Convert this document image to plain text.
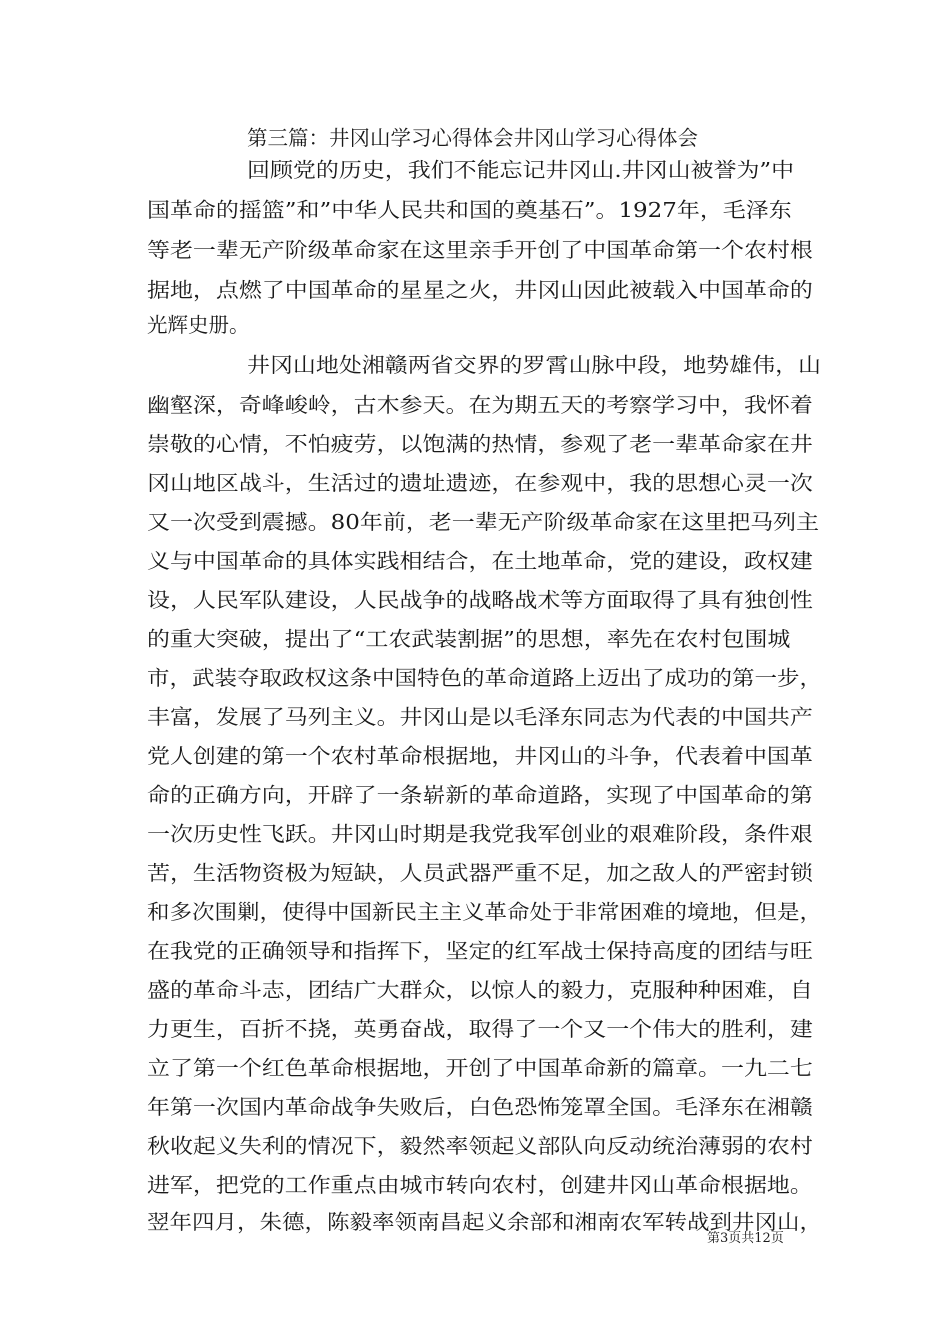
第三篇：井冈山学习心得体会井冈山学习心得体会
回顾党的历史，我们不能忘记井冈山.井冈山被誉为”中
国革命的摇篮”和”中华人民共和国的奠基石”。1927年，毛泽东
等老一辈无产阶级革命家在这里亲手开创了中国革命第一个农村根
据地，点燃了中国革命的星星之火，井冈山因此被载入中国革命的
光辉史册。
井冈山地处湘赣两省交界的罗霄山脉中段，地势雄伟，山
幽壑深，奇峰峻岭，古木参天。在为期五天的考察学习中，我怀着
崇敬的心情，不怕疲劳，以饱满的热情，参观了老一辈革命家在井
冈山地区战斗，生活过的遗址遗迹，在参观中，我的思想心灵一次
又一次受到震撼。80年前，老一辈无产阶级革命家在这里把马列主
义与中国革命的具体实践相结合，在土地革命，党的建设，政权建
设，人民军队建设，人民战争的战略战术等方面取得了具有独创性
的重大突破，提出了“工农武装割据”的思想，率先在农村包围城
市，武装夺取政权这条中国特色的革命道路上迈出了成功的第一步，
丰富，发展了马列主义。井冈山是以毛泽东同志为代表的中国共产
党人创建的第一个农村革命根据地，井冈山的斗争，代表着中国革
命的正确方向，开辟了一条崭新的革命道路，实现了中国革命的第
一次历史性飞跃。井冈山时期是我党我军创业的艰难阶段，条件艰
苦，生活物资极为短缺，人员武器严重不足，加之敌人的严密封锁
和多次围剿，使得中国新民主主义革命处于非常困难的境地，但是，
在我党的正确领导和指挥下，坚定的红军战士保持高度的团结与旺
盛的革命斗志，团结广大群众，以惊人的毅力，克服种种困难，自
力更生，百折不挠，英勇奋战，取得了一个又一个伟大的胜利，建
立了第一个红色革命根据地，开创了中国革命新的篇章。一九二七
年第一次国内革命战争失败后，白色恐怖笼罩全国。毛泽东在湘赣
秋收起义失利的情况下，毅然率领起义部队向反动统治薄弱的农村
进军，把党的工作重点由城市转向农村，创建井冈山革命根据地。
翌年四月，朱德，陈毅率领南昌起义余部和湘南农军转战到井冈山，
第3页共12页
